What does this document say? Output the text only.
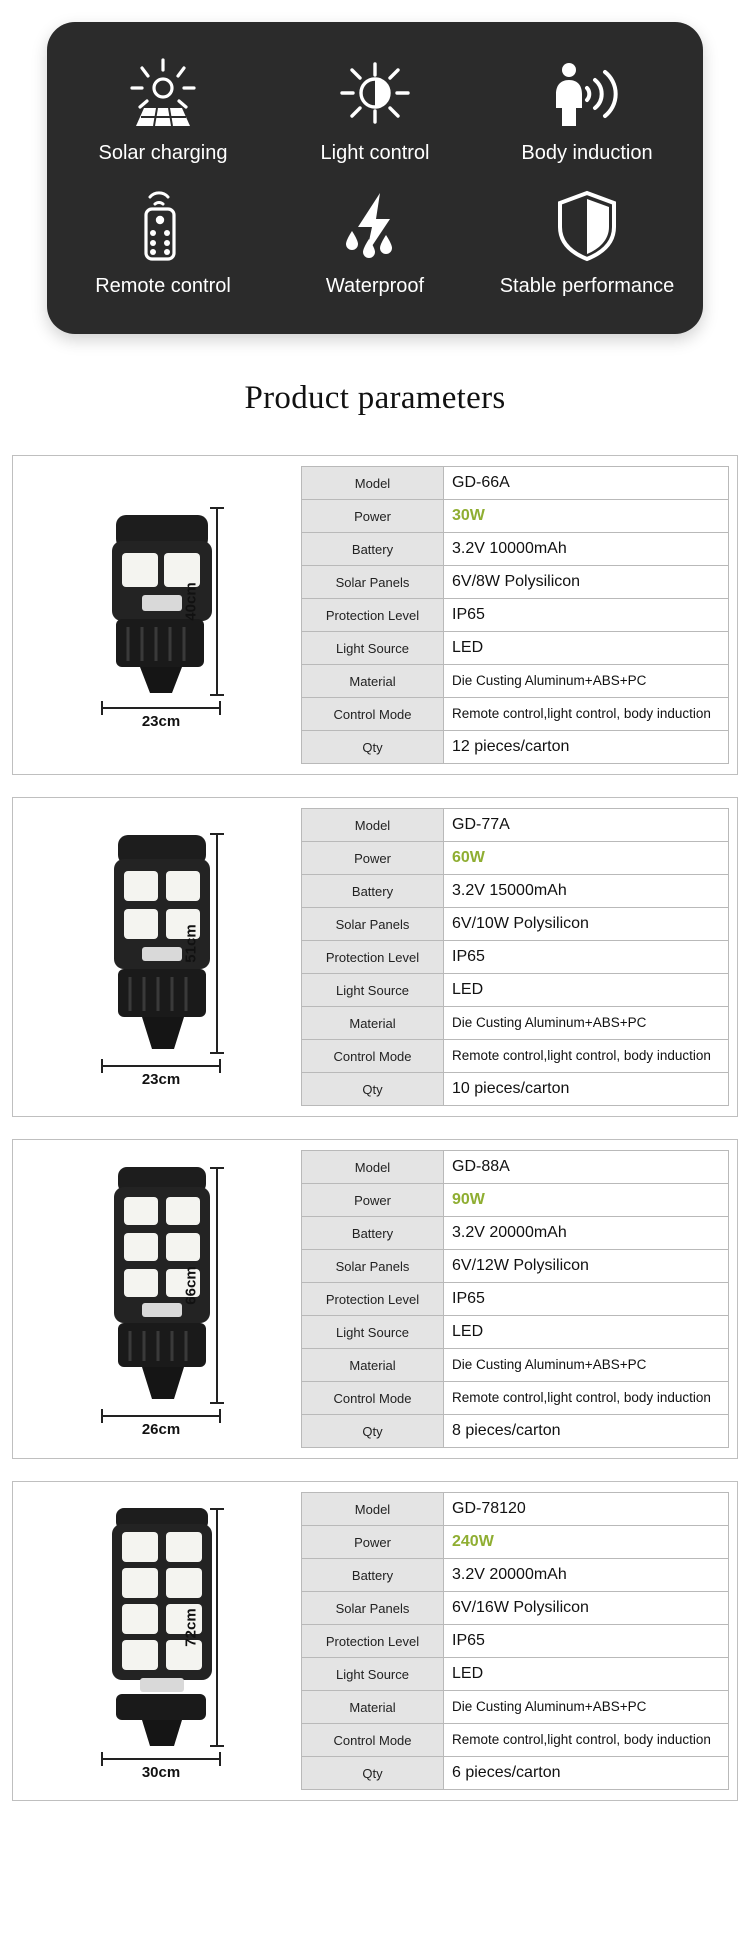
Solar charging	Light control	Body induction
Remote control	Waterproof	Stable performance
Product parameters
40cm
23cm
Model	GD-66A
Power	30W
Battery	3.2V 10000mAh
Solar Panels	6V/8W Polysilicon
Protection Level	IP65
Light Source	LED
Material	Die Custing Aluminum+ABS+PC
Control Mode	Remote control,light control, body induction
Qty	12 pieces/carton
51cm
23cm
Model	GD-77A
Power	60W
Battery	3.2V 15000mAh
Solar Panels	6V/10W Polysilicon
Protection Level	IP65
Light Source	LED
Material	Die Custing Aluminum+ABS+PC
Control Mode	Remote control,light control, body induction
Qty	10 pieces/carton
66cm
26cm
Model	GD-88A
Power	90W
Battery	3.2V 20000mAh
Solar Panels	6V/12W Polysilicon
Protection Level	IP65
Light Source	LED
Material	Die Custing Aluminum+ABS+PC
Control Mode	Remote control,light control, body induction
Qty	8 pieces/carton
72cm
30cm
Model	GD-78120
Power	240W
Battery	3.2V 20000mAh
Solar Panels	6V/16W Polysilicon
Protection Level	IP65
Light Source	LED
Material	Die Custing Aluminum+ABS+PC
Control Mode	Remote control,light control, body induction
Qty	6 pieces/carton
